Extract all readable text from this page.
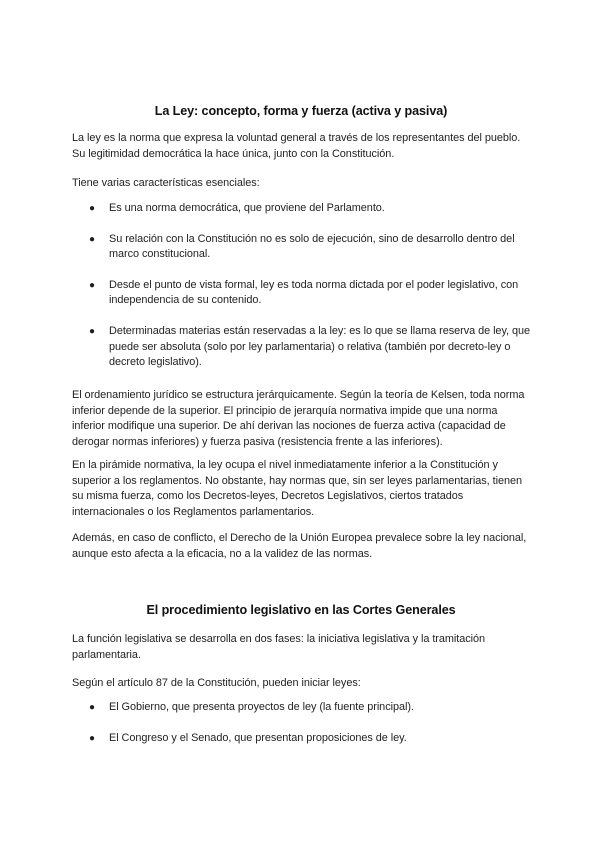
La Ley: concepto, forma y fuerza (activa y pasiva)

La ley es la norma que expresa la voluntad general a través de los representantes del pueblo. Su legitimidad democrática la hace única, junto con la Constitución.

Tiene varias características esenciales:

● Es una norma democrática, que proviene del Parlamento.
● Su relación con la Constitución no es solo de ejecución, sino de desarrollo dentro del marco constitucional.
● Desde el punto de vista formal, ley es toda norma dictada por el poder legislativo, con independencia de su contenido.
● Determinadas materias están reservadas a la ley: es lo que se llama reserva de ley, que puede ser absoluta (solo por ley parlamentaria) o relativa (también por decreto-ley o decreto legislativo).

El ordenamiento jurídico se estructura jerárquicamente. Según la teoría de Kelsen, toda norma inferior depende de la superior. El principio de jerarquía normativa impide que una norma inferior modifique una superior. De ahí derivan las nociones de fuerza activa (capacidad de derogar normas inferiores) y fuerza pasiva (resistencia frente a las inferiores).

En la pirámide normativa, la ley ocupa el nivel inmediatamente inferior a la Constitución y superior a los reglamentos. No obstante, hay normas que, sin ser leyes parlamentarias, tienen su misma fuerza, como los Decretos-leyes, Decretos Legislativos, ciertos tratados internacionales o los Reglamentos parlamentarios.

Además, en caso de conflicto, el Derecho de la Unión Europea prevalece sobre la ley nacional, aunque esto afecta a la eficacia, no a la validez de las normas.

El procedimiento legislativo en las Cortes Generales

La función legislativa se desarrolla en dos fases: la iniciativa legislativa y la tramitación parlamentaria.

Según el artículo 87 de la Constitución, pueden iniciar leyes:

● El Gobierno, que presenta proyectos de ley (la fuente principal).
● El Congreso y el Senado, que presentan proposiciones de ley.
